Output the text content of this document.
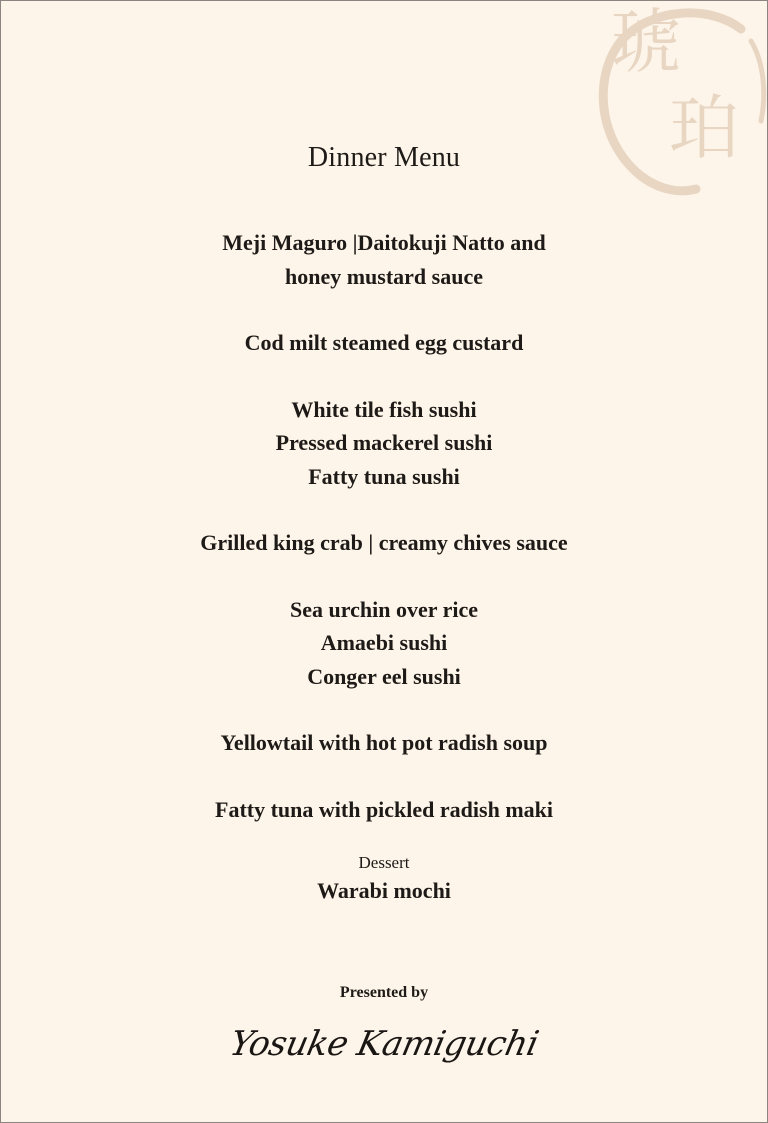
琥
珀
Dinner Menu
Meji Maguro |Daitokuji Natto and
honey mustard sauce
Cod milt steamed egg custard
White tile fish sushi
Pressed mackerel sushi
Fatty tuna sushi
Grilled king crab | creamy chives sauce
Sea urchin over rice
Amaebi sushi
Conger eel sushi
Yellowtail with hot pot radish soup
Fatty tuna with pickled radish maki
Dessert
Warabi mochi
Presented by
Yosuke Kamiguchi
